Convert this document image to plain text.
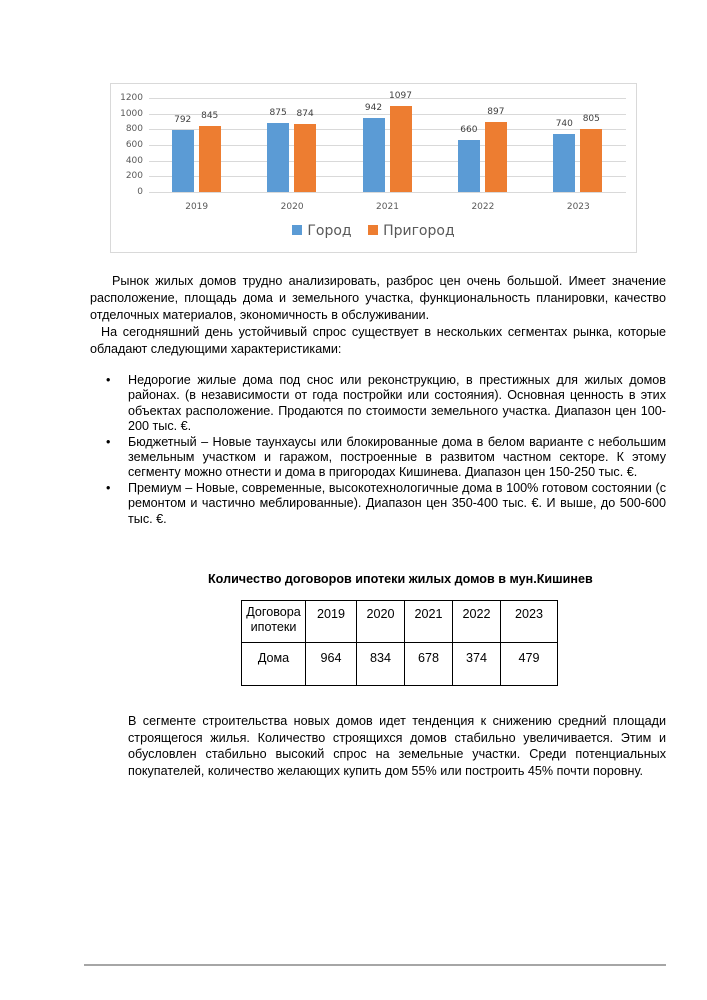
1200
1000
800
600
400
200
0
792	845
2019
875	874
2020
942
1097
2021
660
897
2022
740
805
2023
Город Пригород
Рынок жилых домов трудно анализировать, разброс цен очень большой. Имеет значение расположение, площадь дома и земельного участка, функциональность планировки, качество отделочных материалов, экономичность в обслуживании.
На сегодняшний день устойчивый спрос существует в нескольких сегментах рынка, которые обладают следующими характеристиками:
• Недорогие жилые дома под снос или реконструкцию, в престижных для жилых домов районах. (в независимости от года постройки или состояния). Основная ценность в этих объектах расположение. Продаются по стоимости земельного участка. Диапазон цен 100-200 тыс. €.
• Бюджетный – Новые таунхаусы или блокированные дома в белом варианте с небольшим земельным участком и гаражом, построенные в развитом частном секторе. К этому сегменту можно отнести и дома в пригородах Кишинева. Диапазон цен 150-250 тыс. €.
• Премиум – Новые, современные, высокотехнологичные дома в 100% готовом состоянии (с ремонтом и частично меблированные). Диапазон цен 350-400 тыс. €. И выше, до 500-600 тыс. €.
Количество договоров ипотеки жилых домов в мун.Кишинев
Договора ипотеки	2019	2020	2021	2022	2023
Дома	964	834	678	374	479
В сегменте строительства новых домов идет тенденция к снижению средний площади строящегося жилья. Количество строящихся домов стабильно увеличивается. Этим и обусловлен стабильно высокий спрос на земельные участки. Среди потенциальных покупателей, количество желающих купить дом 55% или построить 45% почти поровну.
